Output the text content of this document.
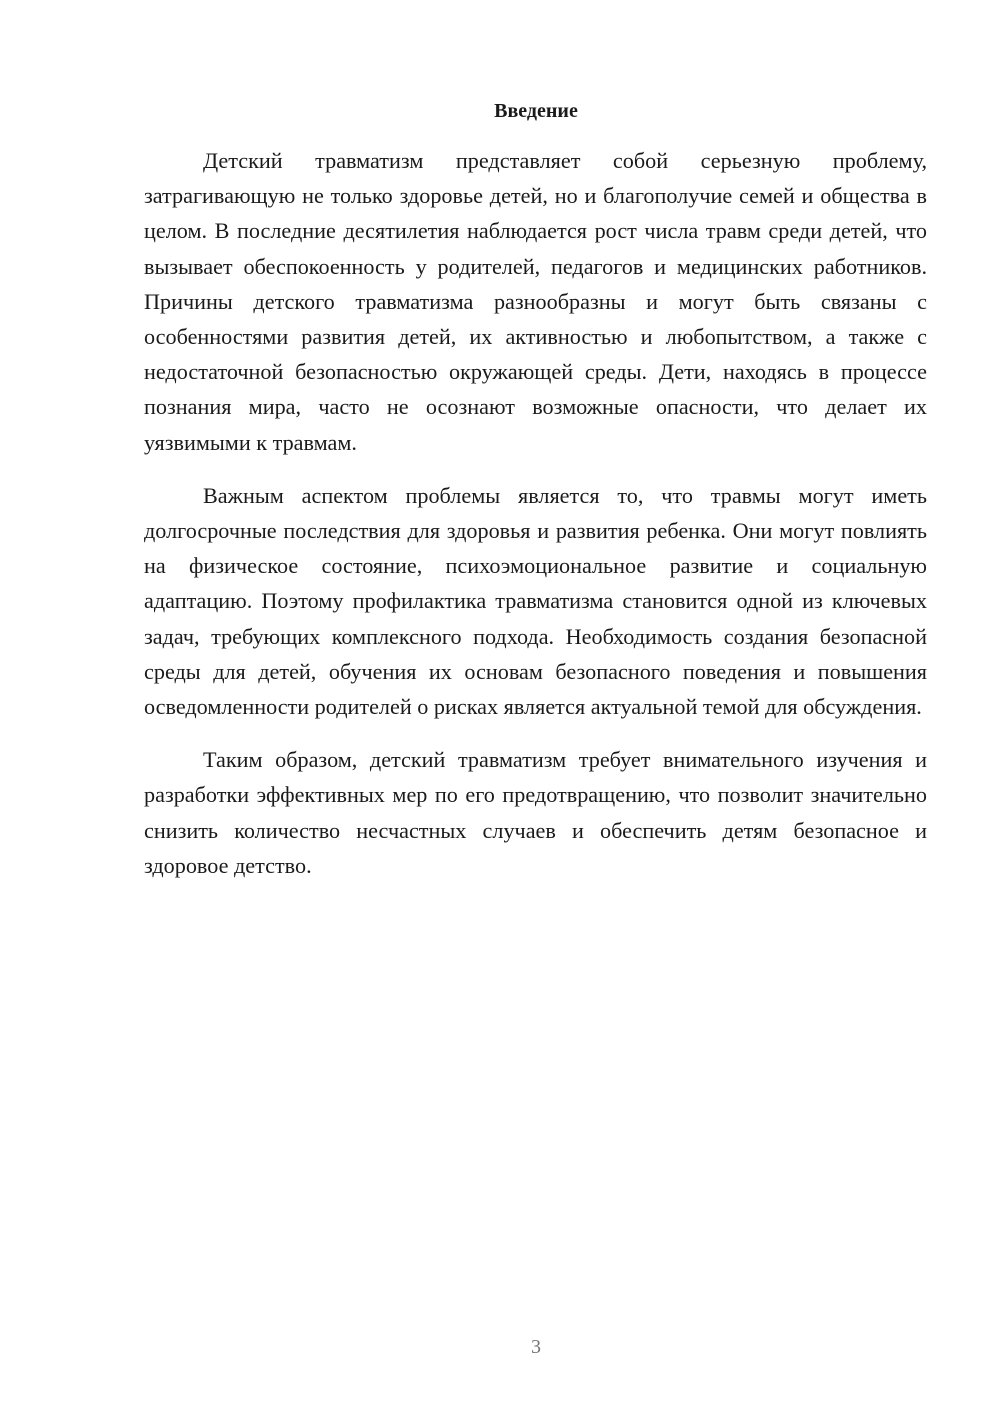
Введение

Детский травматизм представляет собой серьезную проблему, затрагивающую не только здоровье детей, но и благополучие семей и общества в целом. В последние десятилетия наблюдается рост числа травм среди детей, что вызывает обеспокоенность у родителей, педагогов и медицинских работников. Причины детского травматизма разнообразны и могут быть связаны с особенностями развития детей, их активностью и любопытством, а также с недостаточной безопасностью окружающей среды. Дети, находясь в процессе познания мира, часто не осознают возможные опасности, что делает их уязвимыми к травмам.

Важным аспектом проблемы является то, что травмы могут иметь долгосрочные последствия для здоровья и развития ребенка. Они могут повлиять на физическое состояние, психоэмоциональное развитие и социальную адаптацию. Поэтому профилактика травматизма становится одной из ключевых задач, требующих комплексного подхода. Необходимость создания безопасной среды для детей, обучения их основам безопасного поведения и повышения осведомленности родителей о рисках является актуальной темой для обсуждения.

Таким образом, детский травматизм требует внимательного изучения и разработки эффективных мер по его предотвращению, что позволит значительно снизить количество несчастных случаев и обеспечить детям безопасное и здоровое детство.

3
